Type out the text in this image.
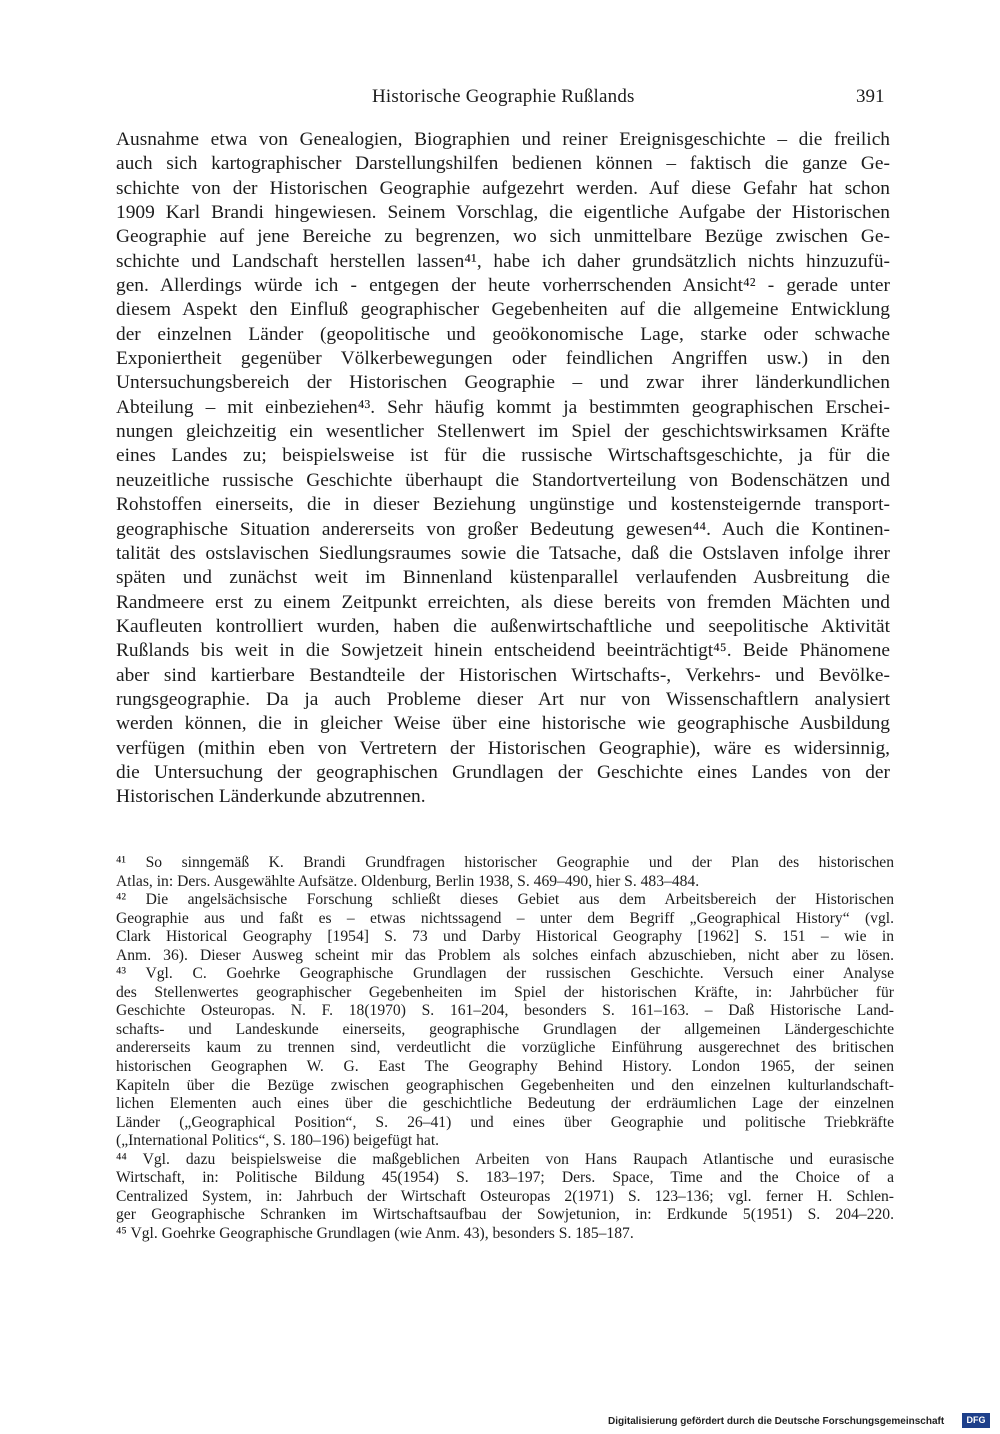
Historische Geographie Rußlands	391
Ausnahme etwa von Genealogien, Biographien und reiner Ereignisgeschichte – die freilich
auch sich kartographischer Darstellungshilfen bedienen können – faktisch die ganze Ge-
schichte von der Historischen Geographie aufgezehrt werden. Auf diese Gefahr hat schon
1909 Karl Brandi hingewiesen. Seinem Vorschlag, die eigentliche Aufgabe der Historischen
Geographie auf jene Bereiche zu begrenzen, wo sich unmittelbare Bezüge zwischen Ge-
schichte und Landschaft herstellen lassen⁴¹, habe ich daher grundsätzlich nichts hinzuzufü-
gen. Allerdings würde ich - entgegen der heute vorherrschenden Ansicht⁴² - gerade unter
diesem Aspekt den Einfluß geographischer Gegebenheiten auf die allgemeine Entwicklung
der einzelnen Länder (geopolitische und geoökonomische Lage, starke oder schwache
Exponiertheit gegenüber Völkerbewegungen oder feindlichen Angriffen usw.) in den
Untersuchungsbereich der Historischen Geographie – und zwar ihrer länderkundlichen
Abteilung – mit einbeziehen⁴³. Sehr häufig kommt ja bestimmten geographischen Erschei-
nungen gleichzeitig ein wesentlicher Stellenwert im Spiel der geschichtswirksamen Kräfte
eines Landes zu; beispielsweise ist für die russische Wirtschaftsgeschichte, ja für die
neuzeitliche russische Geschichte überhaupt die Standortverteilung von Bodenschätzen und
Rohstoffen einerseits, die in dieser Beziehung ungünstige und kostensteigernde transport-
geographische Situation andererseits von großer Bedeutung gewesen⁴⁴. Auch die Kontinen-
talität des ostslavischen Siedlungsraumes sowie die Tatsache, daß die Ostslaven infolge ihrer
späten und zunächst weit im Binnenland küstenparallel verlaufenden Ausbreitung die
Randmeere erst zu einem Zeitpunkt erreichten, als diese bereits von fremden Mächten und
Kaufleuten kontrolliert wurden, haben die außenwirtschaftliche und seepolitische Aktivität
Rußlands bis weit in die Sowjetzeit hinein entscheidend beeinträchtigt⁴⁵. Beide Phänomene
aber sind kartierbare Bestandteile der Historischen Wirtschafts-, Verkehrs- und Bevölke-
rungsgeographie. Da ja auch Probleme dieser Art nur von Wissenschaftlern analysiert
werden können, die in gleicher Weise über eine historische wie geographische Ausbildung
verfügen (mithin eben von Vertretern der Historischen Geographie), wäre es widersinnig,
die Untersuchung der geographischen Grundlagen der Geschichte eines Landes von der
Historischen Länderkunde abzutrennen.
⁴¹ So sinngemäß K. Brandi Grundfragen historischer Geographie und der Plan des historischen
Atlas, in: Ders. Ausgewählte Aufsätze. Oldenburg, Berlin 1938, S. 469–490, hier S. 483–484.
⁴² Die angelsächsische Forschung schließt dieses Gebiet aus dem Arbeitsbereich der Historischen
Geographie aus und faßt es – etwas nichtssagend – unter dem Begriff „Geographical History“ (vgl.
Clark Historical Geography [1954] S. 73 und Darby Historical Geography [1962] S. 151 – wie in
Anm. 36). Dieser Ausweg scheint mir das Problem als solches einfach abzuschieben, nicht aber zu lösen.
⁴³ Vgl. C. Goehrke Geographische Grundlagen der russischen Geschichte. Versuch einer Analyse
des Stellenwertes geographischer Gegebenheiten im Spiel der historischen Kräfte, in: Jahrbücher für
Geschichte Osteuropas. N. F. 18(1970) S. 161–204, besonders S. 161–163. – Daß Historische Land-
schafts- und Landeskunde einerseits, geographische Grundlagen der allgemeinen Ländergeschichte
andererseits kaum zu trennen sind, verdeutlicht die vorzügliche Einführung ausgerechnet des britischen
historischen Geographen W. G. East The Geography Behind History. London 1965, der seinen
Kapiteln über die Bezüge zwischen geographischen Gegebenheiten und den einzelnen kulturlandschaft-
lichen Elementen auch eines über die geschichtliche Bedeutung der erdräumlichen Lage der einzelnen
Länder („Geographical Position“, S. 26–41) und eines über Geographie und politische Triebkräfte
(„International Politics“, S. 180–196) beigefügt hat.
⁴⁴ Vgl. dazu beispielsweise die maßgeblichen Arbeiten von Hans Raupach Atlantische und eurasische
Wirtschaft, in: Politische Bildung 45(1954) S. 183–197; Ders. Space, Time and the Choice of a
Centralized System, in: Jahrbuch der Wirtschaft Osteuropas 2(1971) S. 123–136; vgl. ferner H. Schlen-
ger Geographische Schranken im Wirtschaftsaufbau der Sowjetunion, in: Erdkunde 5(1951) S. 204–220.
⁴⁵ Vgl. Goehrke Geographische Grundlagen (wie Anm. 43), besonders S. 185–187.
Digitalisierung gefördert durch die Deutsche Forschungsgemeinschaft	DFG
